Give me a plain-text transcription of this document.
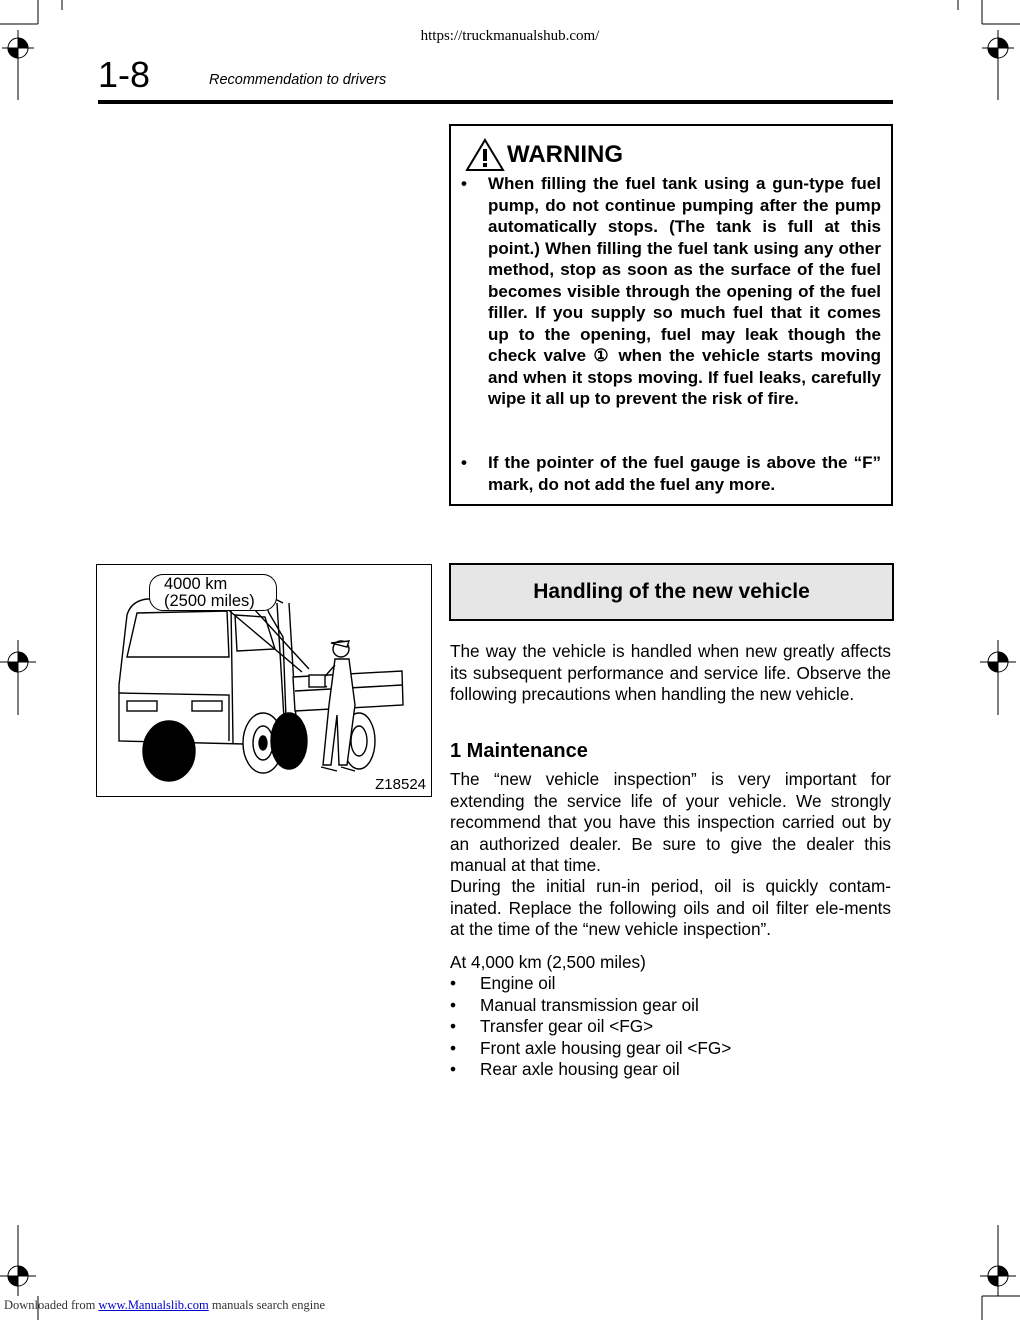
https://truckmanualshub.com/
1-8	Recommendation to drivers
WARNING
•	When filling the fuel tank using a gun-type fuel pump, do not continue pumping after the pump automatically stops. (The tank is full at this point.) When filling the fuel tank using any other method, stop as soon as the surface of the fuel becomes visible through the opening of the fuel filler. If you supply so much fuel that it comes up to the opening, fuel may leak though the check valve ① when the vehicle starts moving and when it stops moving. If fuel leaks, carefully wipe it all up to prevent the risk of fire.
•	If the pointer of the fuel gauge is above the “F” mark, do not add the fuel any more.
4000 km
(2500 miles)
Z18524
Handling of the new vehicle
The way the vehicle is handled when new greatly affects its subsequent performance and service life. Observe the following precautions when handling the new vehicle.
1 Maintenance
The “new vehicle inspection” is very important for extending the service life of your vehicle. We strongly recommend that you have this inspection carried out by an authorized dealer. Be sure to give the dealer this manual at that time.
During the initial run-in period, oil is quickly contam-inated. Replace the following oils and oil filter ele-ments at the time of the “new vehicle inspection”.
At 4,000 km (2,500 miles)
•	Engine oil
•	Manual transmission gear oil
•	Transfer gear oil <FG>
•	Front axle housing gear oil <FG>
•	Rear axle housing gear oil
Downloaded from www.Manualslib.com manuals search engine
